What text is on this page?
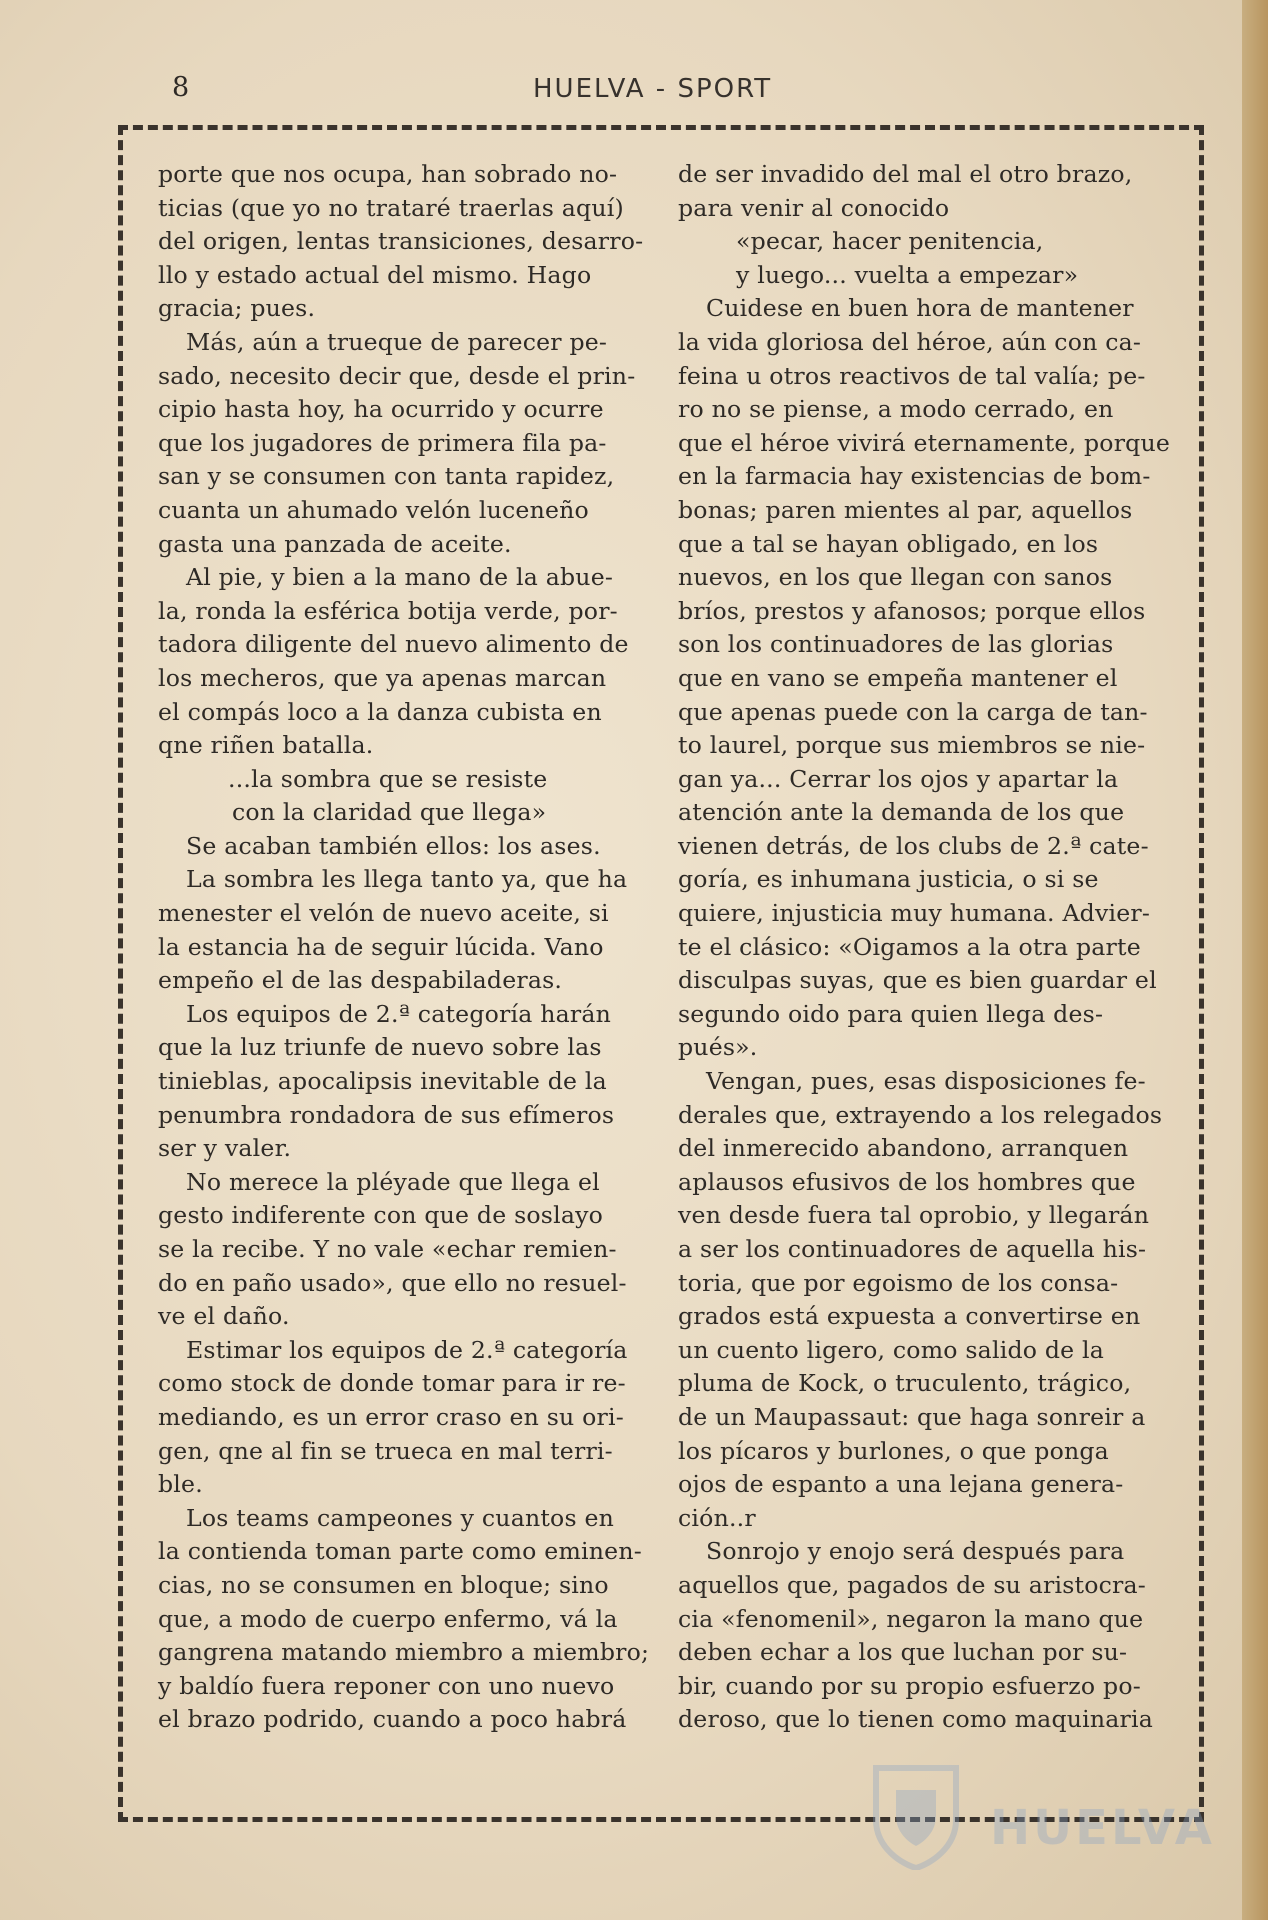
8	HUELVA - SPORT
porte que nos ocupa, han sobrado no-
ticias (que yo no trataré traerlas aquí)
del origen, lentas transiciones, desarro-
llo y estado actual del mismo. Hago
gracia; pues.
Más, aún a trueque de parecer pe-
sado, necesito decir que, desde el prin-
cipio hasta hoy, ha ocurrido y ocurre
que los jugadores de primera fila pa-
san y se consumen con tanta rapidez,
cuanta un ahumado velón luceneño
gasta una panzada de aceite.
Al pie, y bien a la mano de la abue-
la, ronda la esférica botija verde, por-
tadora diligente del nuevo alimento de
los mecheros, que ya apenas marcan
el compás loco a la danza cubista en
qne riñen batalla.
...la sombra que se resiste
con la claridad que llega»
Se acaban también ellos: los ases.
La sombra les llega tanto ya, que ha
menester el velón de nuevo aceite, si
la estancia ha de seguir lúcida. Vano
empeño el de las despabiladeras.
Los equipos de 2.ª categoría harán
que la luz triunfe de nuevo sobre las
tinieblas, apocalipsis inevitable de la
penumbra rondadora de sus efímeros
ser y valer.
No merece la pléyade que llega el
gesto indiferente con que de soslayo
se la recibe. Y no vale «echar remien-
do en paño usado», que ello no resuel-
ve el daño.
Estimar los equipos de 2.ª categoría
como stock de donde tomar para ir re-
mediando, es un error craso en su ori-
gen, qne al fin se trueca en mal terri-
ble.
Los teams campeones y cuantos en
la contienda toman parte como eminen-
cias, no se consumen en bloque; sino
que, a modo de cuerpo enfermo, vá la
gangrena matando miembro a miembro;
y baldío fuera reponer con uno nuevo
el brazo podrido, cuando a poco habrá
de ser invadido del mal el otro brazo,
para venir al conocido
«pecar, hacer penitencia,
y luego... vuelta a empezar»
Cuidese en buen hora de mantener
la vida gloriosa del héroe, aún con ca-
feina u otros reactivos de tal valía; pe-
ro no se piense, a modo cerrado, en
que el héroe vivirá eternamente, porque
en la farmacia hay existencias de bom-
bonas; paren mientes al par, aquellos
que a tal se hayan obligado, en los
nuevos, en los que llegan con sanos
bríos, prestos y afanosos; porque ellos
son los continuadores de las glorias
que en vano se empeña mantener el
que apenas puede con la carga de tan-
to laurel, porque sus miembros se nie-
gan ya... Cerrar los ojos y apartar la
atención ante la demanda de los que
vienen detrás, de los clubs de 2.ª cate-
goría, es inhumana justicia, o si se
quiere, injusticia muy humana. Advier-
te el clásico: «Oigamos a la otra parte
disculpas suyas, que es bien guardar el
segundo oido para quien llega des-
pués».
Vengan, pues, esas disposiciones fe-
derales que, extrayendo a los relegados
del inmerecido abandono, arranquen
aplausos efusivos de los hombres que
ven desde fuera tal oprobio, y llegarán
a ser los continuadores de aquella his-
toria, que por egoismo de los consa-
grados está expuesta a convertirse en
un cuento ligero, como salido de la
pluma de Kock, o truculento, trágico,
de un Maupassaut: que haga sonreir a
los pícaros y burlones, o que ponga
ojos de espanto a una lejana genera-
ción..r
Sonrojo y enojo será después para
aquellos que, pagados de su aristocra-
cia «fenomenil», negaron la mano que
deben echar a los que luchan por su-
bir, cuando por su propio esfuerzo po-
deroso, que lo tienen como maquinaria
HUELVA
